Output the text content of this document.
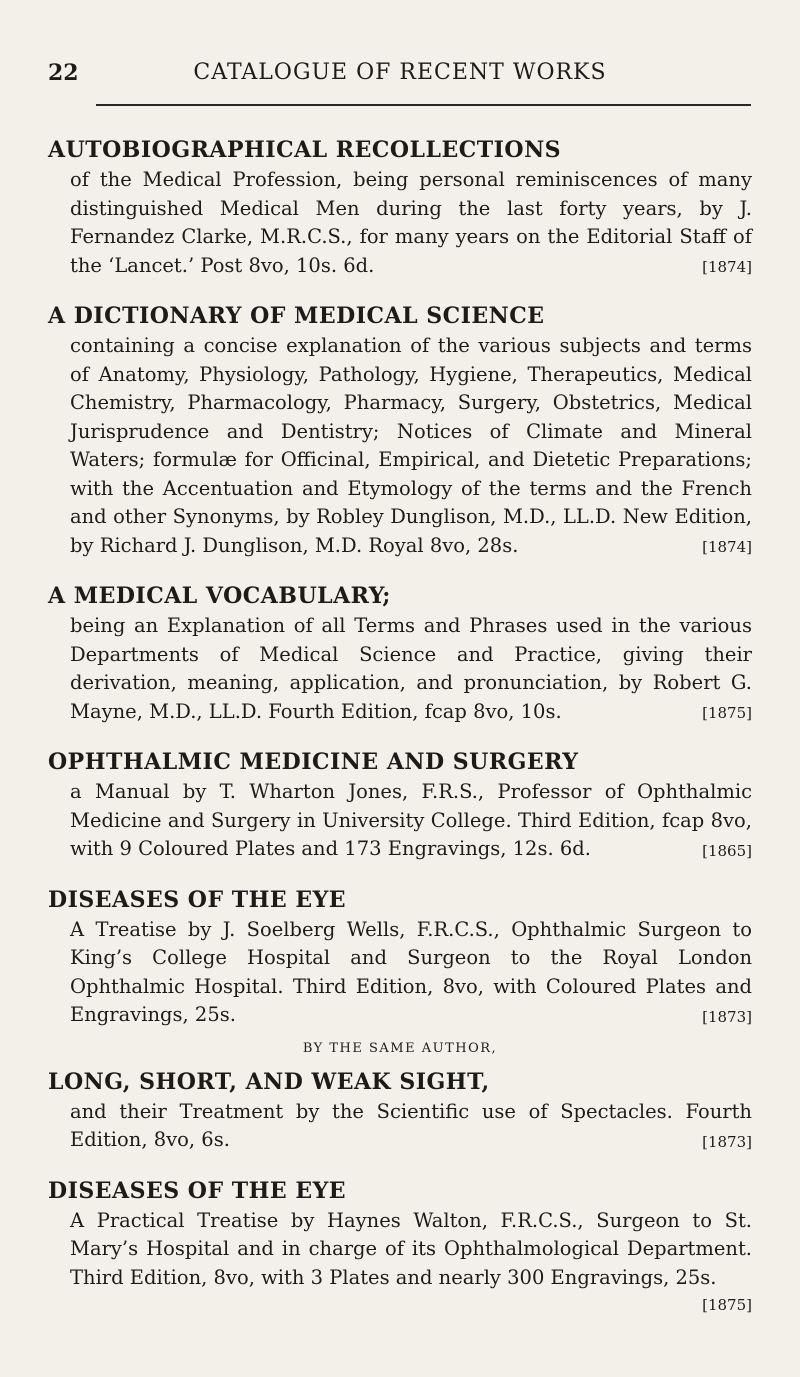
22	CATALOGUE OF RECENT WORKS
AUTOBIOGRAPHICAL RECOLLECTIONS
of the Medical Profession, being personal reminiscences of many distinguished Medical Men during the last forty years, by J. Fernandez Clarke, M.R.C.S., for many years on the Editorial Staff of the ‘Lancet.’ Post 8vo, 10s. 6d.	[1874]
A DICTIONARY OF MEDICAL SCIENCE
containing a concise explanation of the various subjects and terms of Anatomy, Physiology, Pathology, Hygiene, Therapeutics, Medical Chemistry, Pharmacology, Pharmacy, Surgery, Obstetrics, Medical Jurisprudence and Dentistry; Notices of Climate and Mineral Waters; formulæ for Officinal, Empirical, and Dietetic Preparations; with the Accentuation and Etymology of the terms and the French and other Synonyms, by Robley Dunglison, M.D., LL.D. New Edition, by Richard J. Dunglison, M.D. Royal 8vo, 28s.	[1874]
A MEDICAL VOCABULARY;
being an Explanation of all Terms and Phrases used in the various Departments of Medical Science and Practice, giving their derivation, meaning, application, and pronunciation, by Robert G. Mayne, M.D., LL.D. Fourth Edition, fcap 8vo, 10s.	[1875]
OPHTHALMIC MEDICINE AND SURGERY
a Manual by T. Wharton Jones, F.R.S., Professor of Ophthalmic Medicine and Surgery in University College. Third Edition, fcap 8vo, with 9 Coloured Plates and 173 Engravings, 12s. 6d.	[1865]
DISEASES OF THE EYE
A Treatise by J. Soelberg Wells, F.R.C.S., Ophthalmic Surgeon to King’s College Hospital and Surgeon to the Royal London Ophthalmic Hospital. Third Edition, 8vo, with Coloured Plates and Engravings, 25s.	[1873]
BY THE SAME AUTHOR,
LONG, SHORT, AND WEAK SIGHT,
and their Treatment by the Scientific use of Spectacles. Fourth Edition, 8vo, 6s.	[1873]
DISEASES OF THE EYE
A Practical Treatise by Haynes Walton, F.R.C.S., Surgeon to St. Mary’s Hospital and in charge of its Ophthalmological Department. Third Edition, 8vo, with 3 Plates and nearly 300 Engravings, 25s.
[1875]
